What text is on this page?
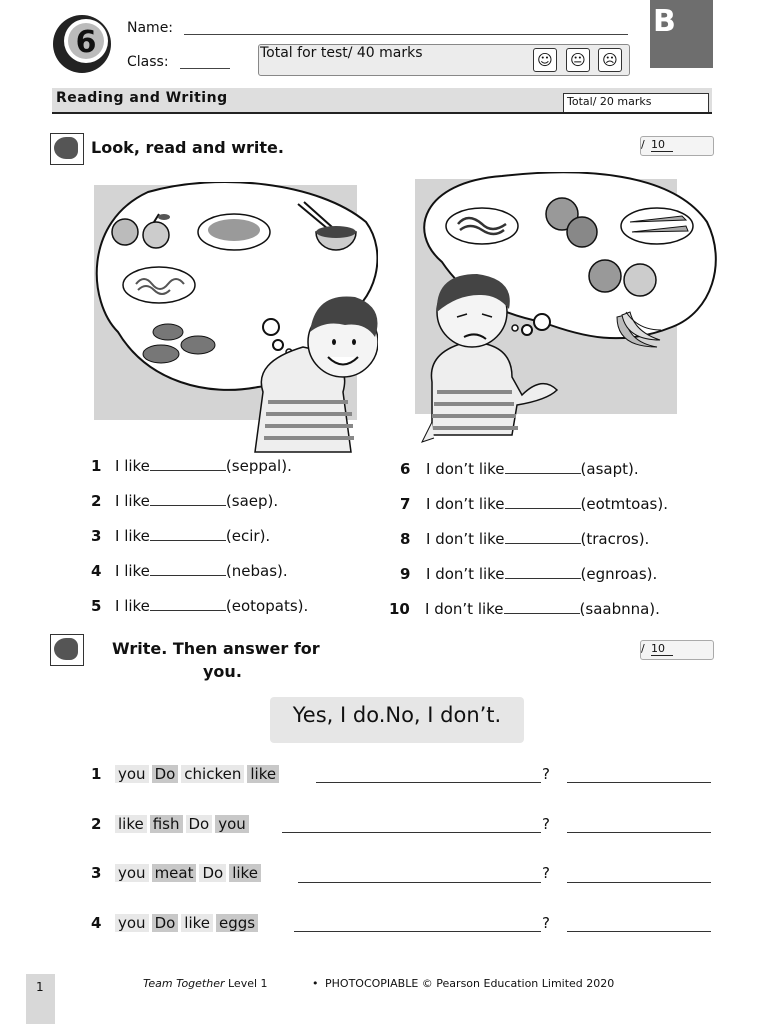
6 Name:
Class:
Total for test/ 40 marks	☺ 😐 ☹
B
Reading and Writing	Total/ 20 marks
Look, read and write.	/ 10
1 I like	(seppal).
2 I like	(saep).
3 I like	(ecir).
4 I like	(nebas).
5 I like	(eotopats).
6 I don’t like	(asapt).
7 I don’t like	(eotmtoas).
8 I don’t like	(tracros).
9 I don’t like	(egnroas).
10 I don’t like	(saabnna).
Write. Then answer for
you.
/ 10
Yes, I do.No, I don’t.
1 you Do chicken like	?
2 like fish Do you	?
3 you meat Do like	?
4 you Do like eggs	?
1	Team Together Level 1	• PHOTOCOPIABLE © Pearson Education Limited 2020
